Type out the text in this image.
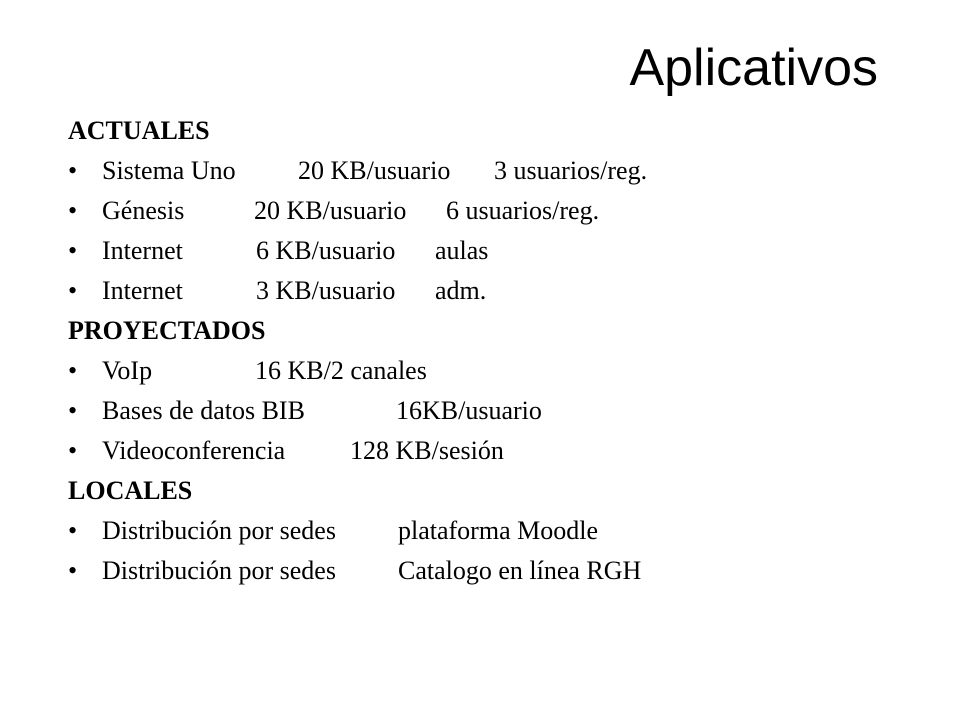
Aplicativos
ACTUALES
• Sistema Uno 20 KB/usuario 3 usuarios/reg.
• Génesis	20 KB/usuario 6 usuarios/reg.
• Internet	6 KB/usuario aulas
• Internet	3 KB/usuario adm.
PROYECTADOS
• VoIp	16 KB/2 canales
• Bases de datos BIB	16KB/usuario
• Videoconferencia 128 KB/sesión
LOCALES
• Distribución por sedes plataforma Moodle
• Distribución por sedes Catalogo en línea RGH
